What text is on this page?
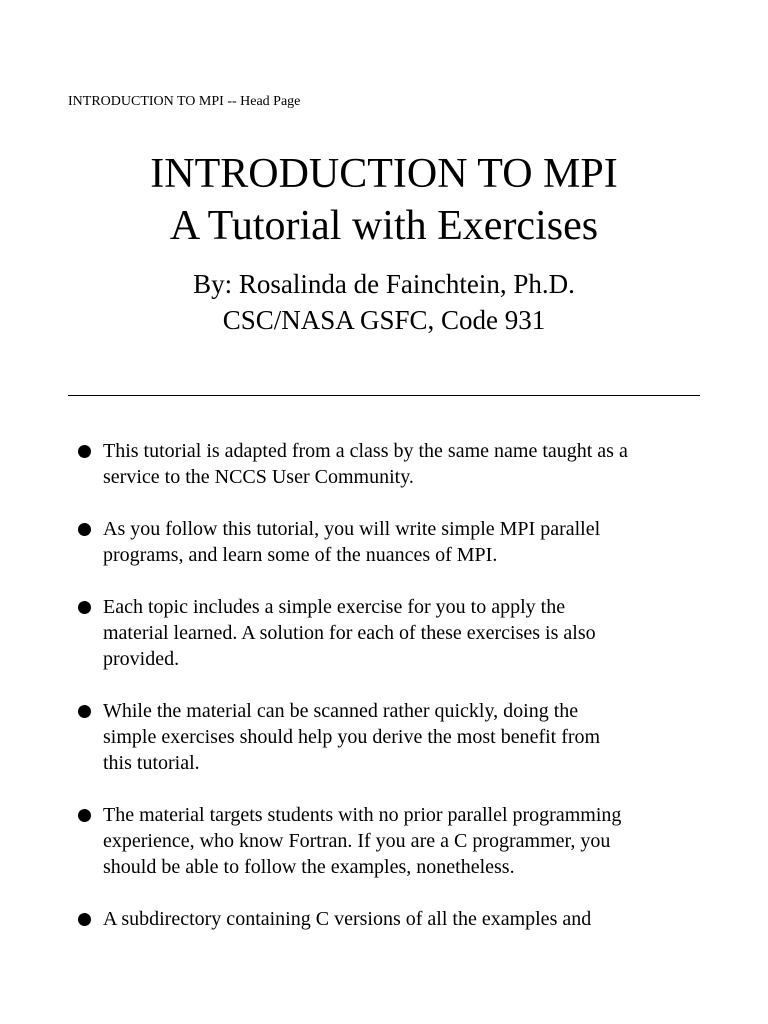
INTRODUCTION TO MPI -- Head Page
INTRODUCTION TO MPI
A Tutorial with Exercises
By: Rosalinda de Fainchtein, Ph.D.
CSC/NASA GSFC, Code 931
This tutorial is adapted from a class by the same name taught as a
service to the NCCS User Community.
As you follow this tutorial, you will write simple MPI parallel
programs, and learn some of the nuances of MPI.
Each topic includes a simple exercise for you to apply the
material learned. A solution for each of these exercises is also
provided.
While the material can be scanned rather quickly, doing the
simple exercises should help you derive the most benefit from
this tutorial.
The material targets students with no prior parallel programming
experience, who know Fortran. If you are a C programmer, you
should be able to follow the examples, nonetheless.
A subdirectory containing C versions of all the examples and
